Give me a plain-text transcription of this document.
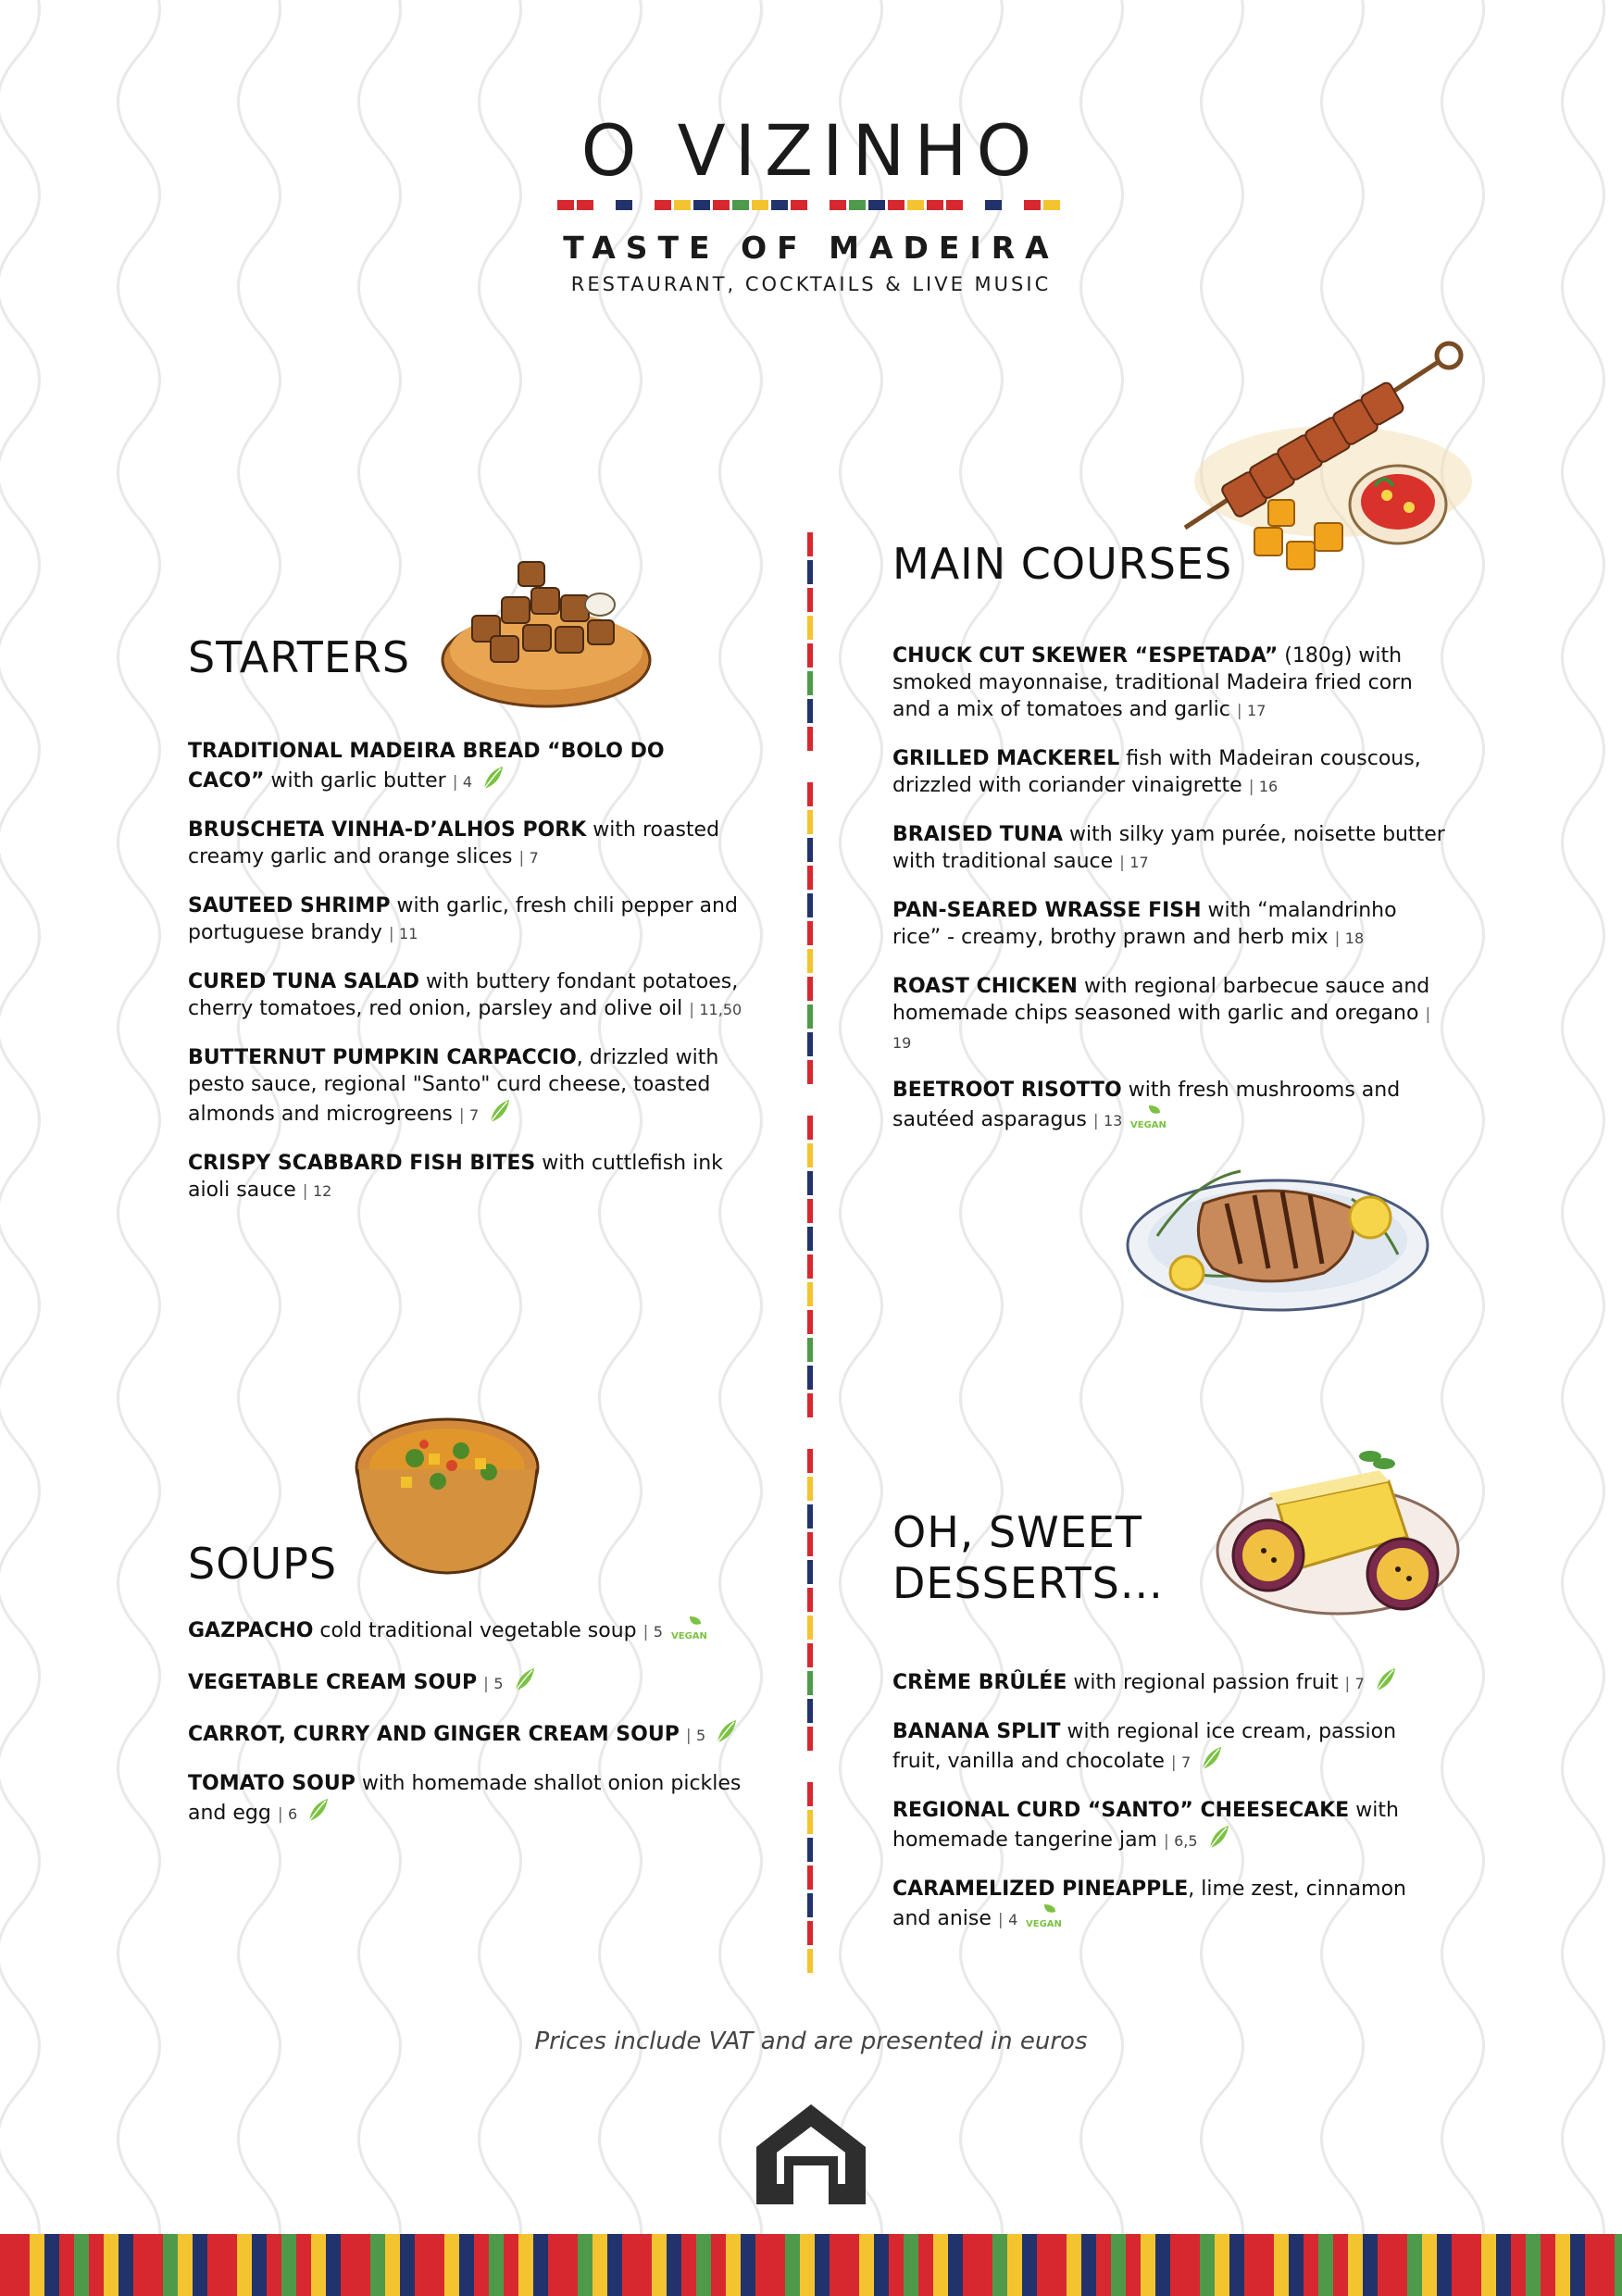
O VIZINHO
TASTE OF MADEIRA
RESTAURANT, COCKTAILS & LIVE MUSIC
STARTERS
TRADITIONAL MADEIRA BREAD “BOLO DO CACO” with garlic butter | 4
BRUSCHETA VINHA-D’ALHOS PORK with roasted creamy garlic and orange slices | 7
SAUTEED SHRIMP with garlic, fresh chili pepper and portuguese brandy | 11
CURED TUNA SALAD with buttery fondant potatoes, cherry tomatoes, red onion, parsley and olive oil | 11,50
BUTTERNUT PUMPKIN CARPACCIO, drizzled with pesto sauce, regional "Santo" curd cheese, toasted almonds and microgreens | 7
CRISPY SCABBARD FISH BITES with cuttlefish ink aioli sauce | 12
MAIN COURSES
CHUCK CUT SKEWER “ESPETADA” (180g) with smoked mayonnaise, traditional Madeira fried corn and a mix of tomatoes and garlic | 17
GRILLED MACKEREL fish with Madeiran couscous, drizzled with coriander vinaigrette | 16
BRAISED TUNA with silky yam purée, noisette butter with traditional sauce | 17
PAN-SEARED WRASSE FISH with “malandrinho rice” - creamy, brothy prawn and herb mix | 18
ROAST CHICKEN with regional barbecue sauce and homemade chips seasoned with garlic and oregano | 19
BEETROOT RISOTTO with fresh mushrooms and sautéed asparagus | 13 VEGAN
SOUPS
GAZPACHO cold traditional vegetable soup | 5 VEGAN
VEGETABLE CREAM SOUP | 5
CARROT, CURRY AND GINGER CREAM SOUP | 5
TOMATO SOUP with homemade shallot onion pickles and egg | 6
OH, SWEET
DESSERTS...
CRÈME BRÛLÉE with regional passion fruit | 7
BANANA SPLIT with regional ice cream, passion fruit, vanilla and chocolate | 7
REGIONAL CURD “SANTO” CHEESECAKE with homemade tangerine jam | 6,5
CARAMELIZED PINEAPPLE, lime zest, cinnamon and anise | 4 VEGAN
Prices include VAT and are presented in euros
